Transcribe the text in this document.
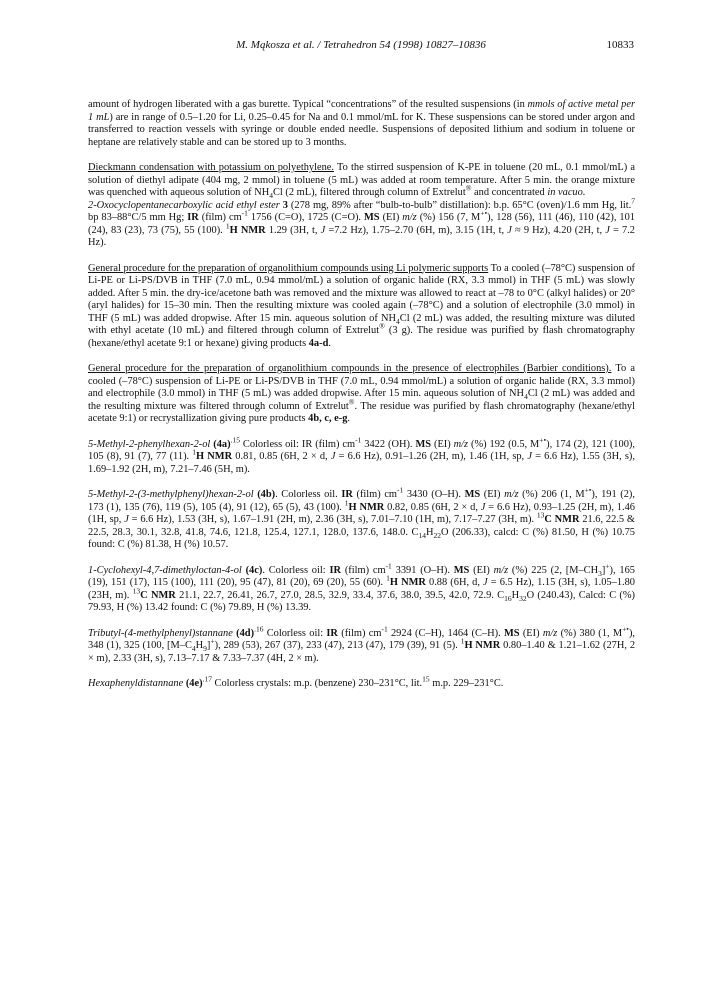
M. Mąkosza et al. / Tetrahedron 54 (1998) 10827–10836	10833

amount of hydrogen liberated with a gas burette. Typical “concentrations” of the resulted suspensions (in mmols of active metal per 1 mL) are in range of 0.5–1.20 for Li, 0.25–0.45 for Na and 0.1 mmol/mL for K. These suspensions can be stored under argon and transferred to reaction vessels with syringe or double ended needle. Suspensions of deposited lithium and sodium in toluene or heptane are relatively stable and can be stored up to 3 months.

Dieckmann condensation with potassium on polyethylene. To the stirred suspension of K-PE in toluene (20 mL, 0.1 mmol/mL) a solution of diethyl adipate (404 mg, 2 mmol) in toluene (5 mL) was added at room temperature. After 5 min. the orange mixture was quenched with aqueous solution of $NH_4Cl$ (2 mL), filtered through column of Extrelut® and concentrated in vacuo.
2-Oxocyclopentanecarboxylic acid ethyl ester 3 (278 mg, 89% after “bulb-to-bulb” distillation): b.p. 65°C (oven)/1.6 mm Hg, lit.$^7$ bp 83–88°C/5 mm Hg; IR (film) $cm^{-1}$ 1756 (C=O), 1725 (C=O). MS (EI) m/z (%) 156 (7, M+•), 128 (56), 111 (46), 110 (42), 101 (24), 83 (23), 73 (75), 55 (100). $^1$H NMR 1.29 (3H, t, J =7.2 Hz), 1.75–2.70 (6H, m), 3.15 (1H, t, J ≈ 9 Hz), 4.20 (2H, t, J = 7.2 Hz).

General procedure for the preparation of organolithium compounds using Li polymeric supports To a cooled (–78°C) suspension of Li-PE or Li-PS/DVB in THF (7.0 mL, 0.94 mmol/mL) a solution of organic halide (RX, 3.3 mmol) in THF (5 mL) was slowly added. After 5 min. the dry-ice/acetone bath was removed and the mixture was allowed to react at –78 to 0°C (alkyl halides) or 20° (aryl halides) for 15–30 min. Then the resulting mixture was cooled again (–78°C) and a solution of electrophile (3.0 mmol) in THF (5 mL) was added dropwise. After 15 min. aqueous solution of $NH_4Cl$ (2 mL) was added, the resulting mixture was diluted with ethyl acetate (10 mL) and filtered through column of Extrelut® (3 g). The residue was purified by flash chromatography (hexane/ethyl acetate 9:1 or hexane) giving products 4a-d.

General procedure for the preparation of organolithium compounds in the presence of electrophiles (Barbier conditions). To a cooled (–78°C) suspension of Li-PE or Li-PS/DVB in THF (7.0 mL, 0.94 mmol/mL) a solution of organic halide (RX, 3.3 mmol) and electrophile (3.0 mmol) in THF (5 mL) was added dropwise. After 15 min. aqueous solution of $NH_4Cl$ (2 mL) was added and the resulting mixture was filtered through column of Extrelut®. The residue was purified by flash chromatography (hexane/ethyl acetate 9:1) or recrystallization giving pure products 4b, c, e-g.

5-Methyl-2-phenylhexan-2-ol $(4a)^{.15}$ Colorless oil: IR (film) $cm^{-1}$ 3422 (OH). MS (EI) m/z (%) 192 (0.5, M+•), 174 (2), 121 (100), 105 (8), 91 (7), 77 (11). $^1$H NMR 0.81, 0.85 (6H, 2 × d, J = 6.6 Hz), 0.91–1.26 (2H, m), 1.46 (1H, sp, J = 6.6 Hz), 1.55 (3H, s), 1.69–1.92 (2H, m), 7.21–7.46 (5H, m).

5-Methyl-2-(3-methylphenyl)hexan-2-ol (4b). Colorless oil. IR (film) $cm^{-1}$ 3430 (O–H). MS (EI) m/z (%) 206 (1, M+•), 191 (2), 173 (1), 135 (76), 119 (5), 105 (4), 91 (12), 65 (5), 43 (100). $^1$H NMR 0.82, 0.85 (6H, 2 × d, J = 6.6 Hz), 0.93–1.25 (2H, m), 1.46 (1H, sp, J = 6.6 Hz), 1.53 (3H, s), 1.67–1.91 (2H, m), 2.36 (3H, s), 7.01–7.10 (1H, m), 7.17–7.27 (3H, m). $^{13}$C NMR 21.6, 22.5 & 22.5, 28.3, 30.1, 32.8, 41.8, 74.6, 121.8, 125.4, 127.1, 128.0, 137.6, 148.0. $C_{14}H_{22}O$ (206.33), calcd: C (%) 81.50, H (%) 10.75 found: C (%) 81.38, H (%) 10.57.

1-Cyclohexyl-4,7-dimethyloctan-4-ol (4c). Colorless oil: IR (film) $cm^{-1}$ 3391 (O–H). MS (EI) m/z (%) 225 (2, $[M-CH_3]^+$), 165 (19), 151 (17), 115 (100), 111 (20), 95 (47), 81 (20), 69 (20), 55 (60). $^1$H NMR 0.88 (6H, d, J = 6.5 Hz), 1.15 (3H, s), 1.05–1.80 (23H, m). $^{13}$C NMR 21.1, 22.7, 26.41, 26.7, 27.0, 28.5, 32.9, 33.4, 37.6, 38.0, 39.5, 42.0, 72.9. $C_{16}H_{32}O$ (240.43), Calcd: C (%) 79.93, H (%) 13.42 found: C (%) 79.89, H (%) 13.39.

Tributyl-(4-methylphenyl)stannane $(4d)^{.16}$ Colorless oil: IR (film) $cm^{-1}$ 2924 (C–H), 1464 (C–H). MS (EI) m/z (%) 380 (1, M+•), 348 (1), 325 (100, $[M-C_4H_9]^+$), 289 (53), 267 (37), 233 (47), 213 (47), 179 (39), 91 (5). $^1$H NMR 0.80–1.40 & 1.21–1.62 (27H, 2 × m), 2.33 (3H, s), 7.13–7.17 & 7.33–7.37 (4H, 2 × m).

Hexaphenyldistannane $(4e)^{.17}$ Colorless crystals: m.p. (benzene) 230–231°C, lit.$^{15}$ m.p. 229–231°C.
